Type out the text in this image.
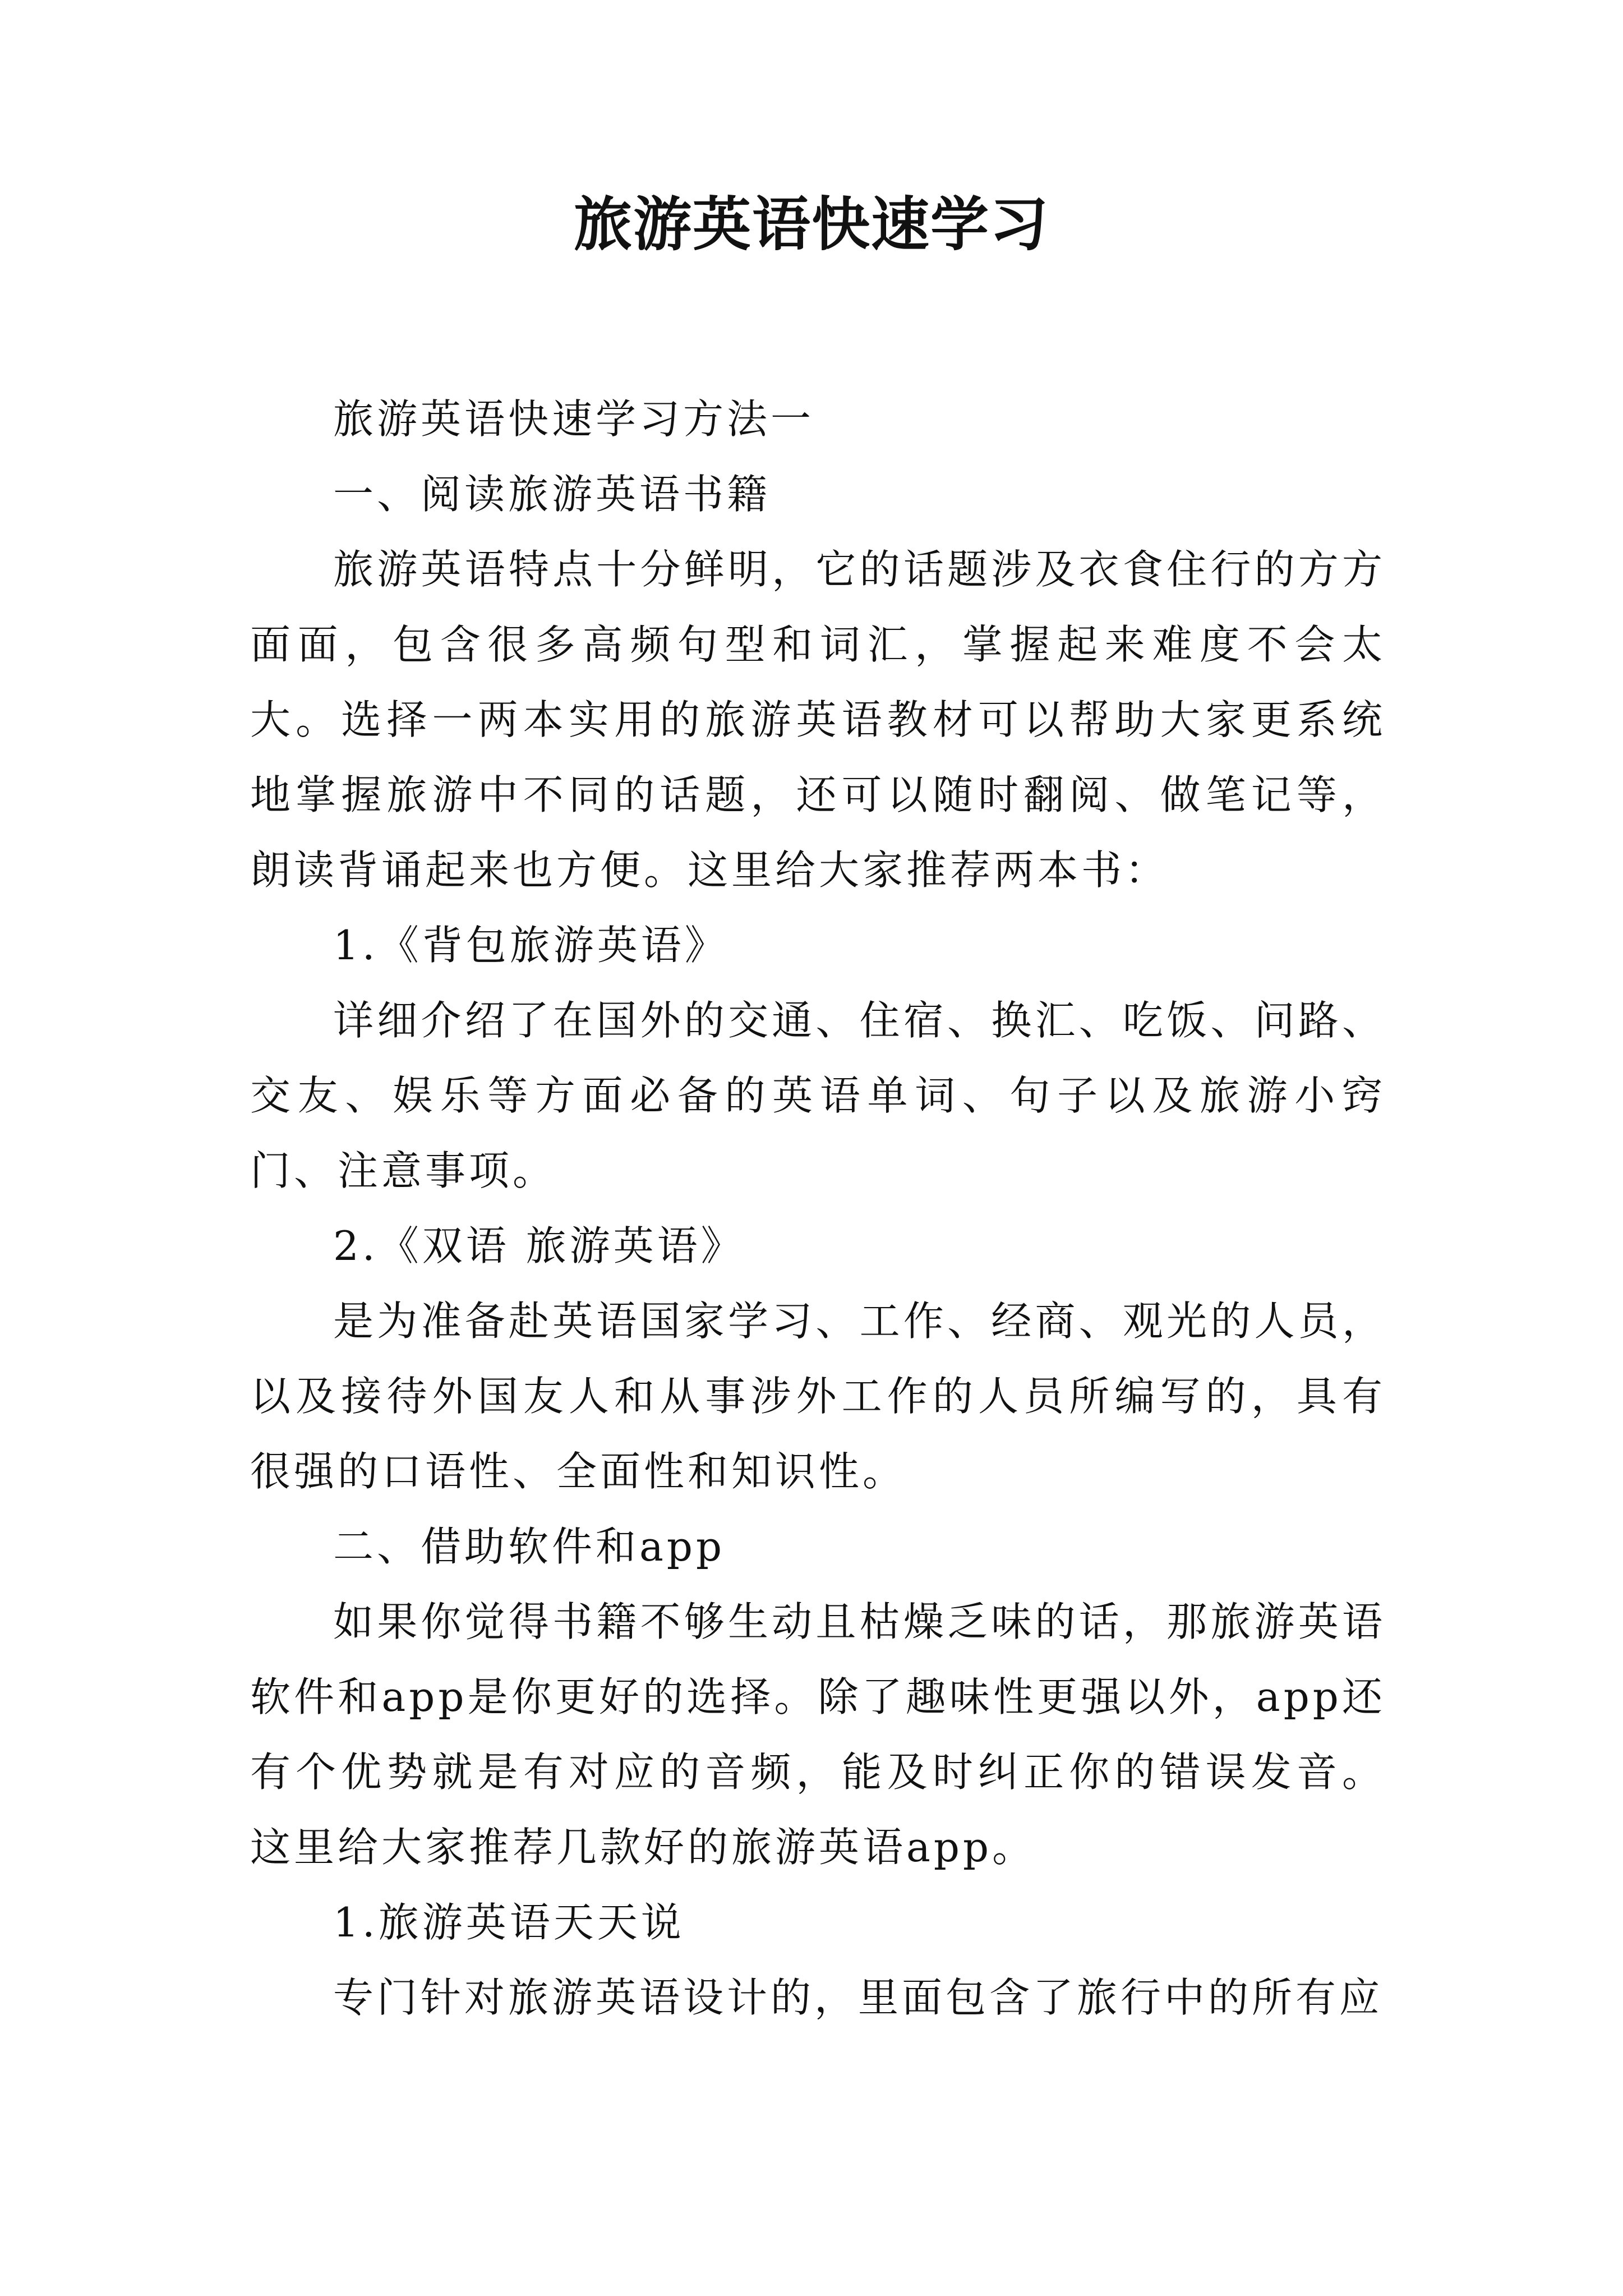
旅游英语快速学习

旅游英语快速学习方法一

一、阅读旅游英语书籍

旅游英语特点十分鲜明，它的话题涉及衣食住行的方方面面，包含很多高频句型和词汇，掌握起来难度不会太大。选择一两本实用的旅游英语教材可以帮助大家更系统地掌握旅游中不同的话题，还可以随时翻阅、做笔记等，朗读背诵起来也方便。这里给大家推荐两本书：

1.《背包旅游英语》

详细介绍了在国外的交通、住宿、换汇、吃饭、问路、交友、娱乐等方面必备的英语单词、句子以及旅游小窍门、注意事项。

2.《双语 旅游英语》

是为准备赴英语国家学习、工作、经商、观光的人员，以及接待外国友人和从事涉外工作的人员所编写的，具有很强的口语性、全面性和知识性。

二、借助软件和app

如果你觉得书籍不够生动且枯燥乏味的话，那旅游英语软件和app是你更好的选择。除了趣味性更强以外，app还有个优势就是有对应的音频，能及时纠正你的错误发音。这里给大家推荐几款好的旅游英语app。

1.旅游英语天天说

专门针对旅游英语设计的，里面包含了旅行中的所有应
